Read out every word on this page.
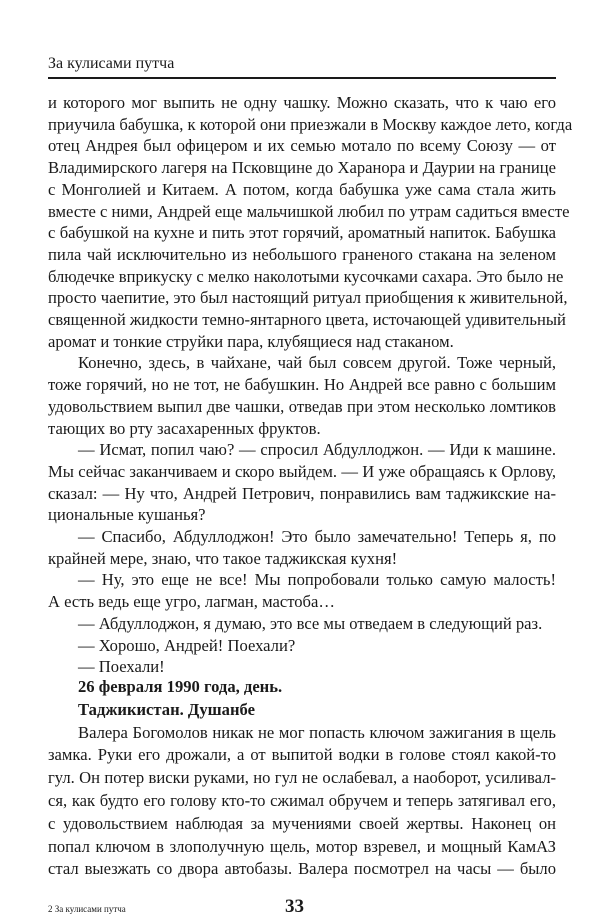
За кулисами путча
и которого мог выпить не одну чашку. Можно сказать, что к чаю его
приучила бабушка, к которой они приезжали в Москву каждое лето, когда
отец Андрея был офицером и их семью мотало по всему Союзу — от
Владимирского лагеря на Псковщине до Харанора и Даурии на границе
с Монголией и Китаем. А потом, когда бабушка уже сама стала жить
вместе с ними, Андрей еще мальчишкой любил по утрам садиться вместе
с бабушкой на кухне и пить этот горячий, ароматный напиток. Бабушка
пила чай исключительно из небольшого граненого стакана на зеленом
блюдечке вприкуску с мелко наколотыми кусочками сахара. Это было не
просто чаепитие, это был настоящий ритуал приобщения к живительной,
священной жидкости темно-янтарного цвета, источающей удивительный
аромат и тонкие струйки пара, клубящиеся над стаканом.
Конечно, здесь, в чайхане, чай был совсем другой. Тоже черный,
тоже горячий, но не тот, не бабушкин. Но Андрей все равно с большим
удовольствием выпил две чашки, отведав при этом несколько ломтиков
тающих во рту засахаренных фруктов.
— Исмат, попил чаю? — спросил Абдуллоджон. — Иди к машине.
Мы сейчас заканчиваем и скоро выйдем. — И уже обращаясь к Орлову,
сказал: — Ну что, Андрей Петрович, понравились вам таджикские на-
циональные кушанья?
— Спасибо, Абдуллоджон! Это было замечательно! Теперь я, по
крайней мере, знаю, что такое таджикская кухня!
— Ну, это еще не все! Мы попробовали только самую малость!
А есть ведь еще угро, лагман, мастоба…
— Абдуллоджон, я думаю, это все мы отведаем в следующий раз.
— Хорошо, Андрей! Поехали?
— Поехали!
26 февраля 1990 года, день.
Таджикистан. Душанбе
Валера Богомолов никак не мог попасть ключом зажигания в щель
замка. Руки его дрожали, а от выпитой водки в голове стоял какой-то
гул. Он потер виски руками, но гул не ослабевал, а наоборот, усиливал-
ся, как будто его голову кто-то сжимал обручем и теперь затягивал его,
с удовольствием наблюдая за мучениями своей жертвы. Наконец он
попал ключом в злополучную щель, мотор взревел, и мощный КамАЗ
стал выезжать со двора автобазы. Валера посмотрел на часы — было
2 За кулисами путча	33
